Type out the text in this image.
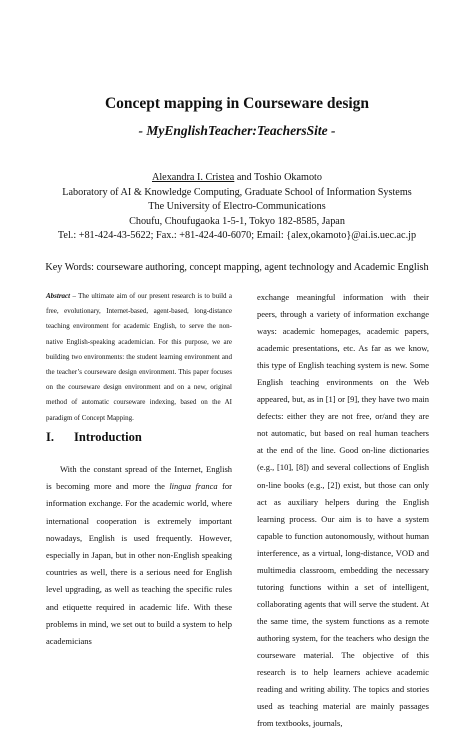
Concept mapping in Courseware design
- MyEnglishTeacher:TeachersSite -
Alexandra I. Cristea and Toshio Okamoto
Laboratory of AI & Knowledge Computing, Graduate School of Information Systems
The University of Electro-Communications
Choufu, Choufugaoka 1-5-1, Tokyo 182-8585, Japan
Tel.: +81-424-43-5622; Fax.: +81-424-40-6070; Email: {alex,okamoto}@ai.is.uec.ac.jp
Key Words: courseware authoring, concept mapping, agent technology and Academic English
Abstract – The ultimate aim of our present research is to build a free, evolutionary, Internet-based, agent-based, long-distance teaching environment for academic English, to serve the non-native English-speaking academician. For this purpose, we are building two environments: the student learning environment and the teacher’s courseware design environment. This paper focuses on the courseware design environment and on a new, original method of automatic courseware indexing, based on the AI paradigm of Concept Mapping.
I. Introduction

With the constant spread of the Internet, English is becoming more and more the lingua franca for information exchange. For the academic world, where international cooperation is extremely important nowadays, English is used frequently. However, especially in Japan, but in other non-English speaking countries as well, there is a serious need for English level upgrading, as well as teaching the specific rules and etiquette required in academic life. With these problems in mind, we set out to build a system to help academicians

exchange meaningful information with their peers, through a variety of information exchange ways: academic homepages, academic papers, academic presentations, etc. As far as we know, this type of English teaching system is new. Some English teaching environments on the Web appeared, but, as in [1] or [9], they have two main defects: either they are not free, or/and they are not automatic, but based on real human teachers at the end of the line. Good on-line dictionaries (e.g., [10], [8]) and several collections of English on-line books (e.g., [2]) exist, but those can only act as auxiliary helpers during the English learning process. Our aim is to have a system capable to function autonomously, without human interference, as a virtual, long-distance, VOD and multimedia classroom, embedding the necessary tutoring functions within a set of intelligent, collaborating agents that will serve the student. At the same time, the system functions as a remote authoring system, for the teachers who design the courseware material. The objective of this research is to help learners achieve academic reading and writing ability. The topics and stories used as teaching material are mainly passages from textbooks, journals,
